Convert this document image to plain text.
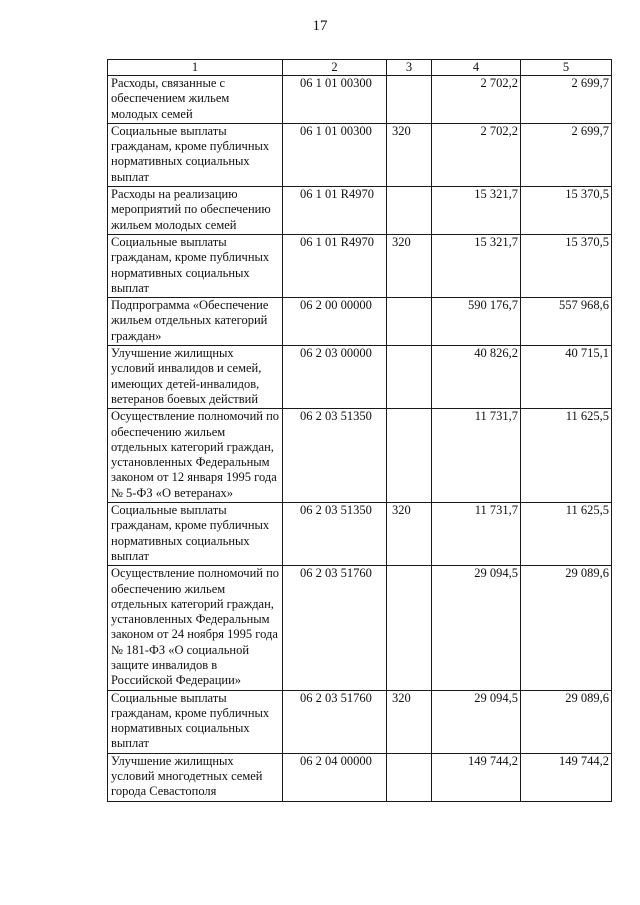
17
1	2	3	4	5
Расходы, связанные с обеспечением жильем молодых семей	06 1 01 00300		2 702,2	2 699,7
Социальные выплаты гражданам, кроме публичных нормативных социальных выплат	06 1 01 00300	320	2 702,2	2 699,7
Расходы на реализацию мероприятий по обеспечению жильем молодых семей	06 1 01 R4970		15 321,7	15 370,5
Социальные выплаты гражданам, кроме публичных нормативных социальных выплат	06 1 01 R4970	320	15 321,7	15 370,5
Подпрограмма «Обеспечение жильем отдельных категорий граждан»	06 2 00 00000		590 176,7	557 968,6
Улучшение жилищных условий инвалидов и семей, имеющих детей-инвалидов, ветеранов боевых действий	06 2 03 00000		40 826,2	40 715,1
Осуществление полномочий по обеспечению жильем отдельных категорий граждан, установленных Федеральным законом от 12 января 1995 года № 5-ФЗ «О ветеранах»	06 2 03 51350		11 731,7	11 625,5
Социальные выплаты гражданам, кроме публичных нормативных социальных выплат	06 2 03 51350	320	11 731,7	11 625,5
Осуществление полномочий по обеспечению жильем отдельных категорий граждан, установленных Федеральным законом от 24 ноября 1995 года № 181-ФЗ «О социальной защите инвалидов в Российской Федерации»	06 2 03 51760		29 094,5	29 089,6
Социальные выплаты гражданам, кроме публичных нормативных социальных выплат	06 2 03 51760	320	29 094,5	29 089,6
Улучшение жилищных условий многодетных семей города Севастополя	06 2 04 00000		149 744,2	149 744,2
